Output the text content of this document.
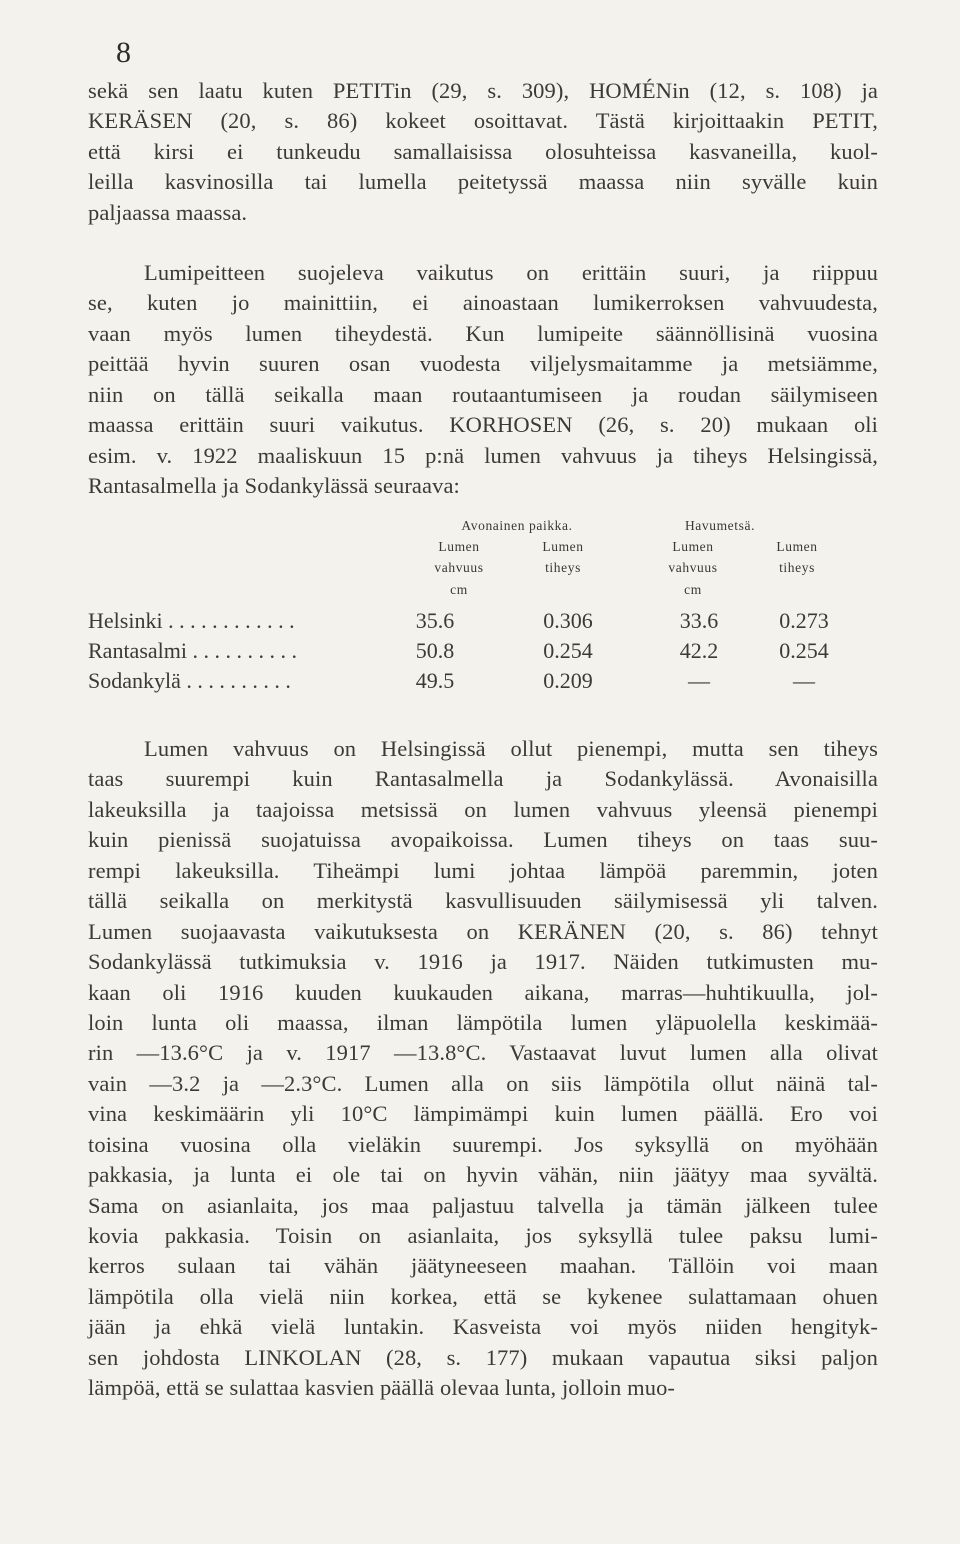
8
sekä sen laatu kuten PETITin (29, s. 309), HOMÉNin (12, s. 108) ja
KERÄSEN (20, s. 86) kokeet osoittavat. Tästä kirjoittaakin PETIT,
että kirsi ei tunkeudu samallaisissa olosuhteissa kasvaneilla, kuol-
leilla kasvinosilla tai lumella peitetyssä maassa niin syvälle kuin
paljaassa maassa.
Lumipeitteen suojeleva vaikutus on erittäin suuri, ja riippuu
se, kuten jo mainittiin, ei ainoastaan lumikerroksen vahvuudesta,
vaan myös lumen tiheydestä. Kun lumipeite säännöllisinä vuosina
peittää hyvin suuren osan vuodesta viljelysmaitamme ja metsiämme,
niin on tällä seikalla maan routaantumiseen ja roudan säilymiseen
maassa erittäin suuri vaikutus. KORHOSEN (26, s. 20) mukaan oli
esim. v. 1922 maaliskuun 15 p:nä lumen vahvuus ja tiheys Helsingissä,
Rantasalmella ja Sodankylässä seuraava:
Avonainen paikka.	Havumetsä.
Lumen
vahvuus
cm
Lumen
tiheys
Lumen
vahvuus
cm
Lumen
tiheys
Helsinki . . . . . . . . . . . .	35.6	0.306	33.6	0.273
Rantasalmi . . . . . . . . . .	50.8	0.254	42.2	0.254
Sodankylä . . . . . . . . . .	49.5	0.209	—	—
Lumen vahvuus on Helsingissä ollut pienempi, mutta sen tiheys
taas suurempi kuin Rantasalmella ja Sodankylässä. Avonaisilla
lakeuksilla ja taajoissa metsissä on lumen vahvuus yleensä pienempi
kuin pienissä suojatuissa avopaikoissa. Lumen tiheys on taas suu-
rempi lakeuksilla. Tiheämpi lumi johtaa lämpöä paremmin, joten
tällä seikalla on merkitystä kasvullisuuden säilymisessä yli talven.
Lumen suojaavasta vaikutuksesta on KERÄNEN (20, s. 86) tehnyt
Sodankylässä tutkimuksia v. 1916 ja 1917. Näiden tutkimusten mu-
kaan oli 1916 kuuden kuukauden aikana, marras—huhtikuulla, jol-
loin lunta oli maassa, ilman lämpötila lumen yläpuolella keskimää-
rin —13.6°C ja v. 1917 —13.8°C. Vastaavat luvut lumen alla olivat
vain —3.2 ja —2.3°C. Lumen alla on siis lämpötila ollut näinä tal-
vina keskimäärin yli 10°C lämpimämpi kuin lumen päällä. Ero voi
toisina vuosina olla vieläkin suurempi. Jos syksyllä on myöhään
pakkasia, ja lunta ei ole tai on hyvin vähän, niin jäätyy maa syvältä.
Sama on asianlaita, jos maa paljastuu talvella ja tämän jälkeen tulee
kovia pakkasia. Toisin on asianlaita, jos syksyllä tulee paksu lumi-
kerros sulaan tai vähän jäätyneeseen maahan. Tällöin voi maan
lämpötila olla vielä niin korkea, että se kykenee sulattamaan ohuen
jään ja ehkä vielä luntakin. Kasveista voi myös niiden hengityk-
sen johdosta LINKOLAN (28, s. 177) mukaan vapautua siksi paljon
lämpöä, että se sulattaa kasvien päällä olevaa lunta, jolloin muo-
